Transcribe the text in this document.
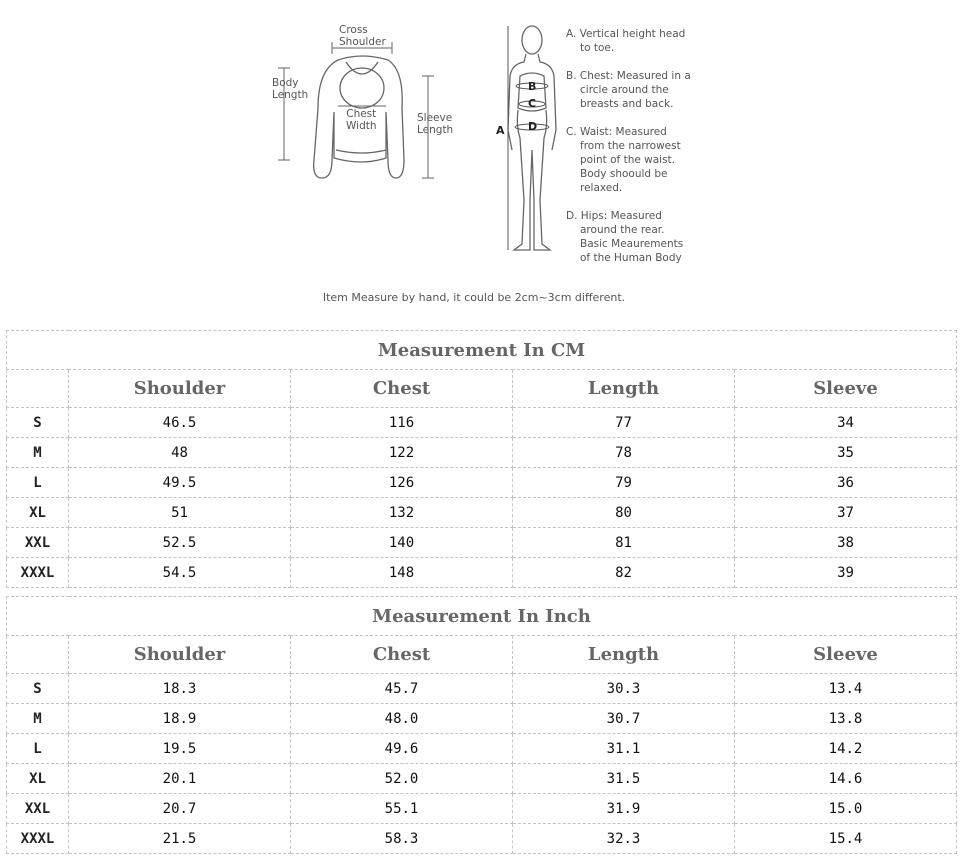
Cross
Shoulder
Body
Length
Chest
Width
Sleeve
Length	A
B
C
D
A. Vertical height head
to toe.
B. Chest: Measured in a
circle around the
breasts and back.
C. Waist: Measured
from the narrowest
point of the waist.
Body shoould be
relaxed.
D. Hips: Measured
around the rear.
Basic Meaurements
of the Human Body
Item Measure by hand, it could be 2cm~3cm different.
Measurement In CM				
	Shoulder	Chest	Length	Sleeve
S	46.5	116	77	34
M	48	122	78	35
L	49.5	126	79	36
XL	51	132	80	37
XXL	52.5	140	81	38
XXXL	54.5	148	82	39
Measurement In Inch				
	Shoulder	Chest	Length	Sleeve
S	18.3	45.7	30.3	13.4
M	18.9	48.0	30.7	13.8
L	19.5	49.6	31.1	14.2
XL	20.1	52.0	31.5	14.6
XXL	20.7	55.1	31.9	15.0
XXXL	21.5	58.3	32.3	15.4
